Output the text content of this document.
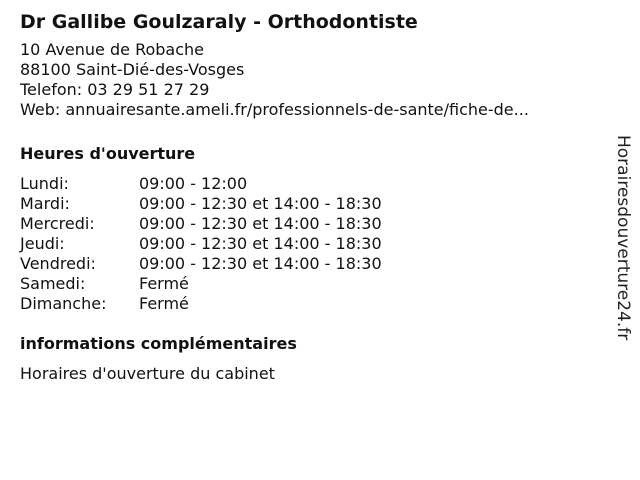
Dr Gallibe Goulzaraly - Orthodontiste
10 Avenue de Robache
88100 Saint-Dié-des-Vosges
Telefon: 03 29 51 27 29
Web: annuairesante.ameli.fr/professionnels-de-sante/fiche-de...
Heures d'ouverture
Lundi:	09:00 - 12:00
Mardi:	09:00 - 12:30 et 14:00 - 18:30
Mercredi:	09:00 - 12:30 et 14:00 - 18:30
Jeudi:	09:00 - 12:30 et 14:00 - 18:30
Vendredi:	09:00 - 12:30 et 14:00 - 18:30
Samedi:	Fermé
Dimanche: Fermé
informations complémentaires
Horaires d'ouverture du cabinet
Horairesdouverture24.fr
